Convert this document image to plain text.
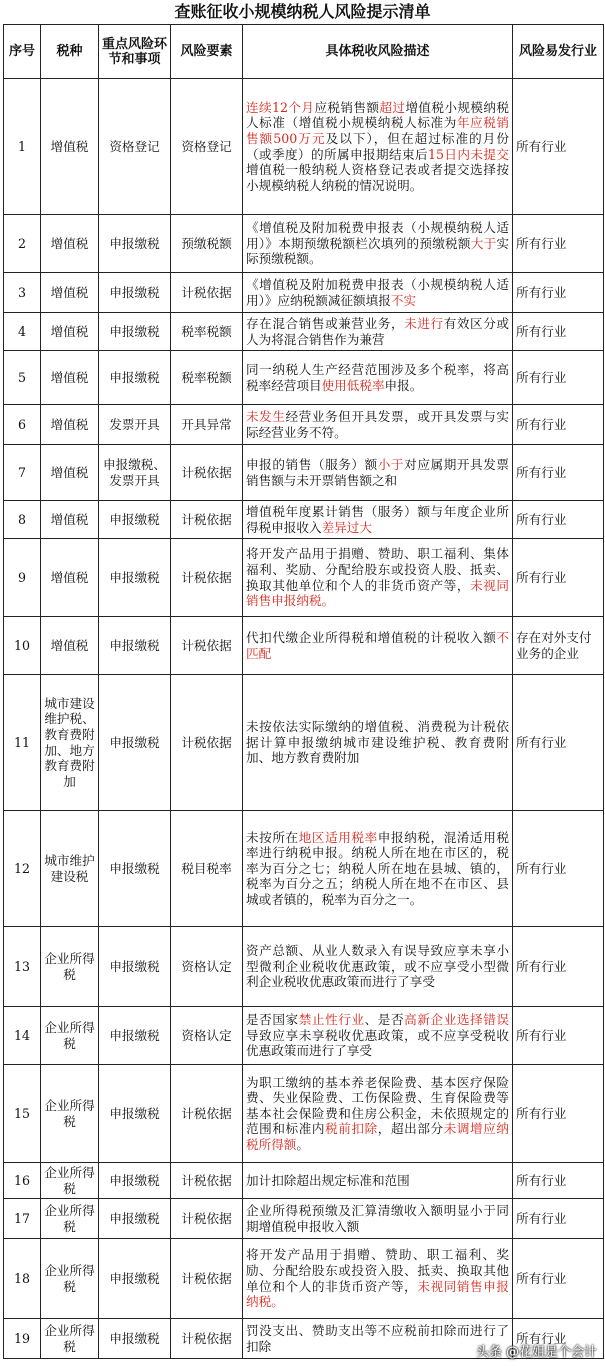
查账征收小规模纳税人风险提示清单
序号	税种	重点风险环节和事项	风险要素	具体税收风险描述	风险易发行业
1	增值税	资格登记	资格登记	连续12个月应税销售额超过增值税小规模纳税人标准（增值税小规模纳税人标准为年应税销售额500万元及以下），但在超过标准的月份（或季度）的所属申报期结束后15日内未提交增值税一般纳税人资格登记表或者提交选择按小规模纳税人纳税的情况说明。	所有行业
2	增值税	申报缴税	预缴税额	《增值税及附加税费申报表（小规模纳税人适用）》本期预缴税额栏次填列的预缴税额大于实际预缴税额。	所有行业
3	增值税	申报缴税	计税依据	《增值税及附加税费申报表（小规模纳税人适用）》应纳税额减征额填报不实	所有行业
4	增值税	申报缴税	税率税额	存在混合销售或兼营业务，未进行有效区分或人为将混合销售作为兼营	所有行业
5	增值税	申报缴税	税率税额	同一纳税人生产经营范围涉及多个税率，将高税率经营项目使用低税率申报。	所有行业
6	增值税	发票开具	开具异常	未发生经营业务但开具发票，或开具发票与实际经营业务不符。	所有行业
7	增值税	申报缴税、发票开具	计税依据	申报的销售（服务）额小于对应属期开具发票销售额与未开票销售额之和	所有行业
8	增值税	申报缴税	计税依据	增值税年度累计销售（服务）额与年度企业所得税申报收入差异过大	所有行业
9	增值税	申报缴税	计税依据	将开发产品用于捐赠、赞助、职工福利、集体福利、奖励、分配给股东或投资人股、抵卖、换取其他单位和个人的非货币资产等，未视同销售申报纳税。	所有行业
10	增值税	申报缴税	计税依据	代扣代缴企业所得税和增值税的计税收入额不匹配	存在对外支付业务的企业
11	城市建设维护税、教育费附加、地方教育费附加	申报缴税	计税依据	未按依法实际缴纳的增值税、消费税为计税依据计算申报缴纳城市建设维护税、教育费附加、地方教育费附加	所有行业
12	城市维护建设税	申报缴税	税目税率	未按所在地区适用税率申报纳税，混淆适用税率进行纳税申报。纳税人所在地在市区的，税率为百分之七；纳税人所在地在县城、镇的，税率为百分之五；纳税人所在地不在市区、县城或者镇的，税率为百分之一。	所有行业
13	企业所得税	申报缴税	资格认定	资产总额、从业人数录入有误导致应享未享小型微利企业税收优惠政策，或不应享受小型微利企业税收优惠政策而进行了享受	所有行业
14	企业所得税	申报缴税	资格认定	是否国家禁止性行业、是否高新企业选择错误导致应享未享税收优惠政策，或不应享受税收优惠政策而进行了享受	所有行业
15	企业所得税	申报缴税	计税依据	为职工缴纳的基本养老保险费、基本医疗保险费、失业保险费、工伤保险费、生育保险费等基本社会保险费和住房公积金，未依照规定的范围和标准内税前扣除，超出部分未调增应纳税所得额。	所有行业
16	企业所得税	申报缴税	计税依据	加计扣除超出规定标准和范围	所有行业
17	企业所得税	申报缴税	计税依据	企业所得税预缴及汇算清缴收入额明显小于同期增值税申报收入额	所有行业
18	企业所得税	申报缴税	计税依据	将开发产品用于捐赠、赞助、职工福利、奖励、分配给股东或投资入股、抵卖、换取其他单位和个人的非货币资产等，未视同销售申报纳税。	所有行业
19	企业所得税	申报缴税	计税依据	罚没支出、赞助支出等不应税前扣除而进行了扣除	所有行业
头条 @花姐是个会计
